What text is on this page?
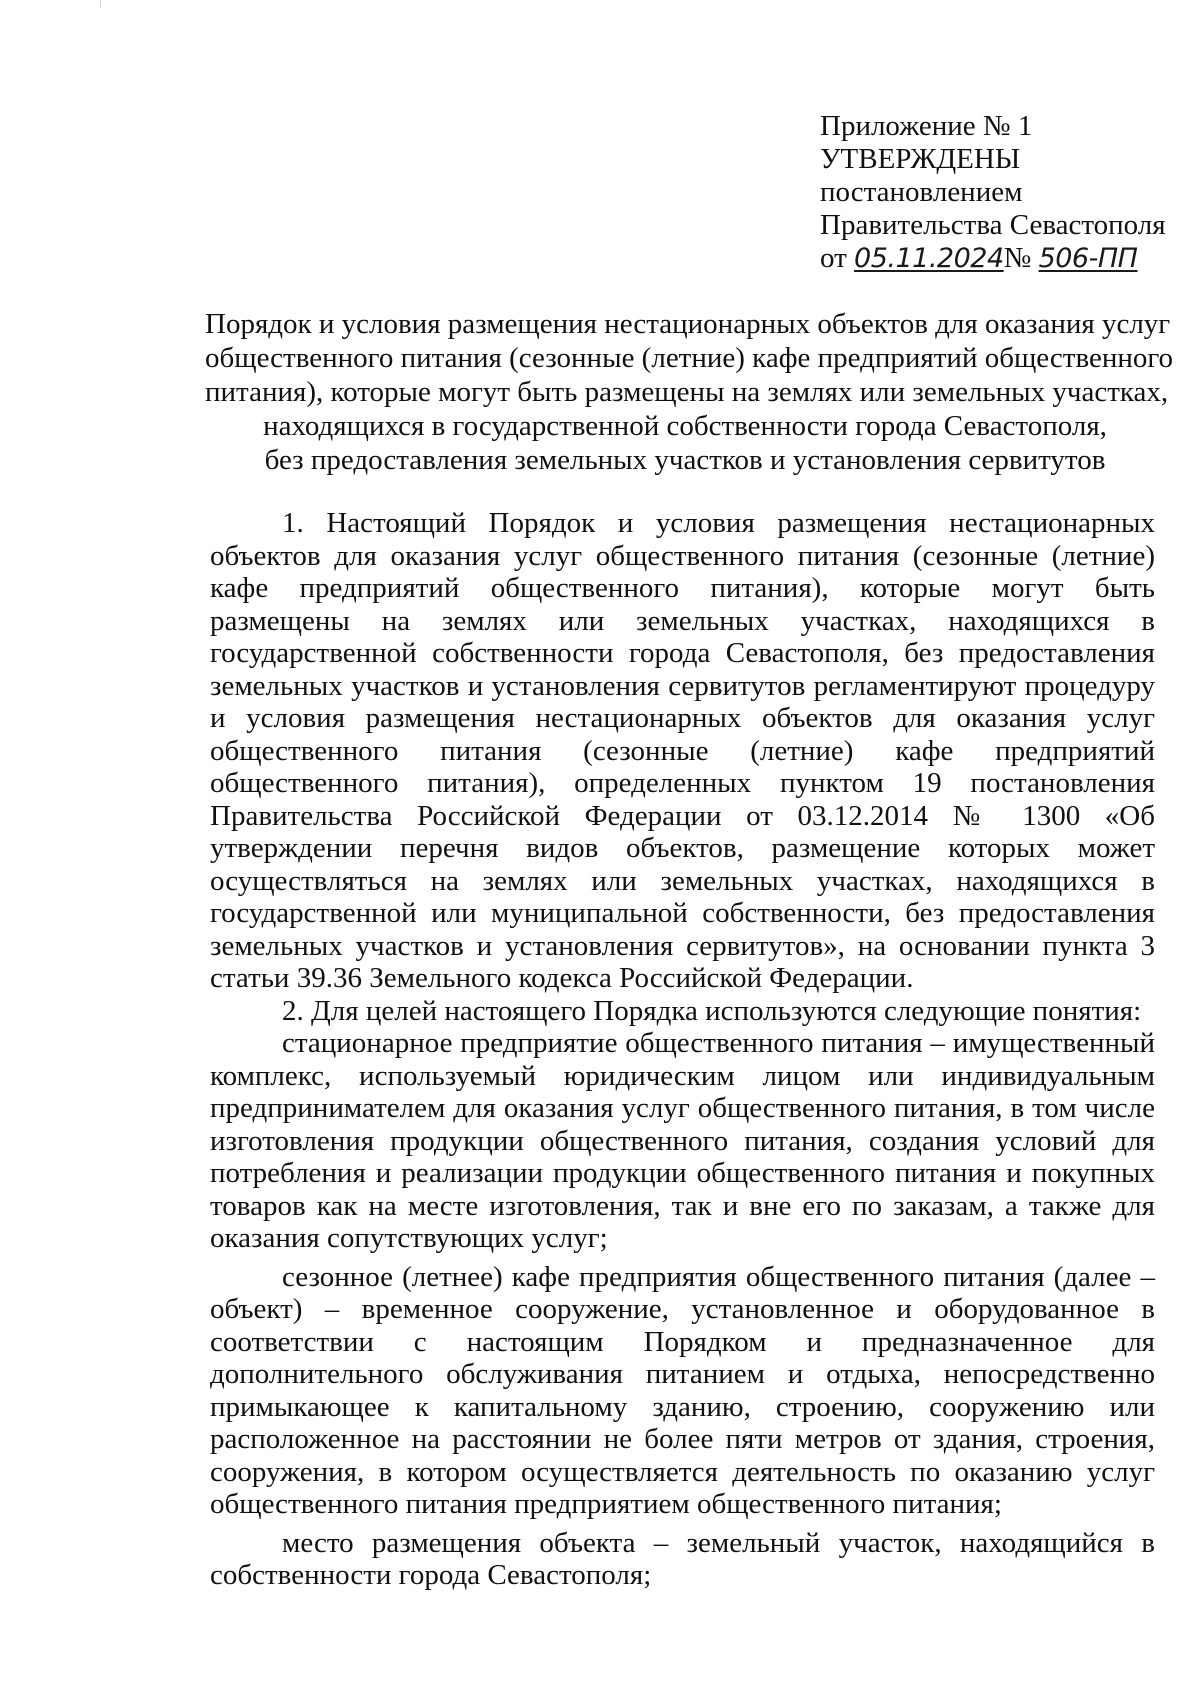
Приложение № 1
УТВЕРЖДЕНЫ
постановлением
Правительства Севастополя
от 05.11.2024№ 506-ПП
Порядок и условия размещения нестационарных объектов для оказания услуг
общественного питания (сезонные (летние) кафе предприятий общественного
питания), которые могут быть размещены на землях или земельных участках,
находящихся в государственной собственности города Севастополя,
без предоставления земельных участков и установления сервитутов

1. Настоящий Порядок и условия размещения нестационарных объектов для оказания услуг общественного питания (сезонные (летние) кафе предприятий общественного питания), которые могут быть размещены на землях или земельных участках, находящихся в государственной собственности города Севастополя, без предоставления земельных участков и установления сервитутов регламентируют процедуру и условия размещения нестационарных объектов для оказания услуг общественного питания (сезонные (летние) кафе предприятий общественного питания), определенных пунктом 19 постановления Правительства Российской Федерации от 03.12.2014 № 1300 «Об утверждении перечня видов объектов, размещение которых может осуществляться на землях или земельных участках, находящихся в государственной или муниципальной собственности, без предоставления земельных участков и установления сервитутов», на основании пункта 3 статьи 39.36 Земельного кодекса Российской Федерации.

2. Для целей настоящего Порядка используются следующие понятия:

стационарное предприятие общественного питания – имущественный комплекс, используемый юридическим лицом или индивидуальным предпринимателем для оказания услуг общественного питания, в том числе изготовления продукции общественного питания, создания условий для потребления и реализации продукции общественного питания и покупных товаров как на месте изготовления, так и вне его по заказам, а также для оказания сопутствующих услуг;

сезонное (летнее) кафе предприятия общественного питания (далее – объект) – временное сооружение, установленное и оборудованное в соответствии с настоящим Порядком и предназначенное для дополнительного обслуживания питанием и отдыха, непосредственно примыкающее к капитальному зданию, строению, сооружению или расположенное на расстоянии не более пяти метров от здания, строения, сооружения, в котором осуществляется деятельность по оказанию услуг общественного питания предприятием общественного питания;

место размещения объекта – земельный участок, находящийся в собственности города Севастополя;
